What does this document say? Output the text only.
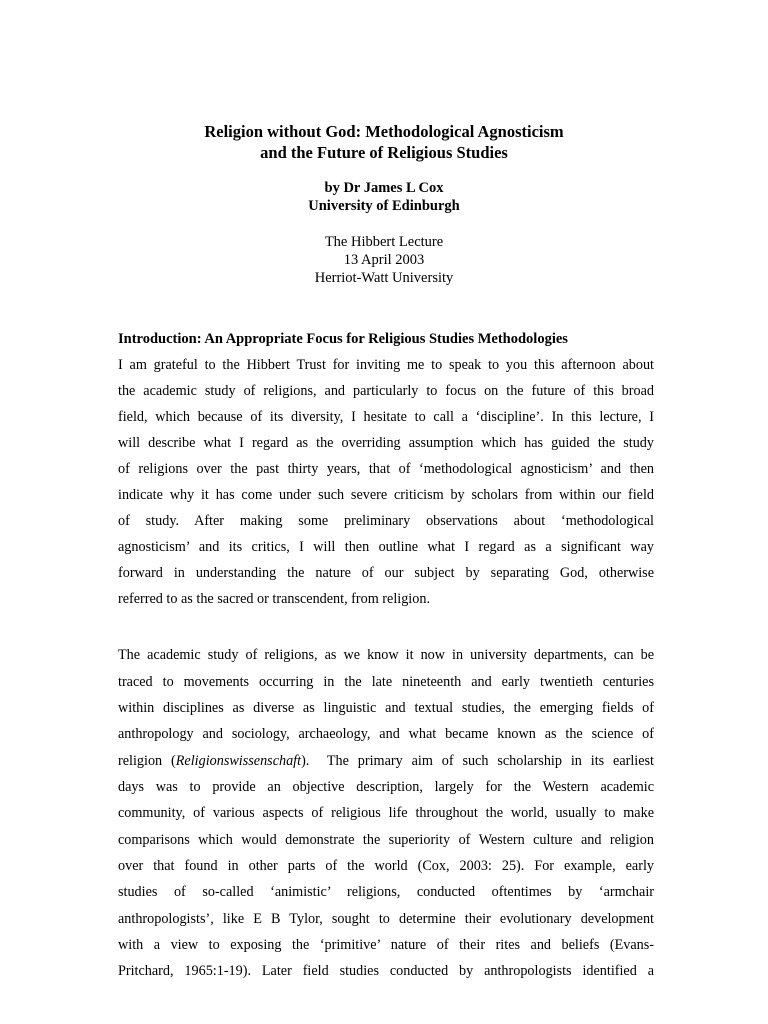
Religion without God: Methodological Agnosticism
and the Future of Religious Studies

by Dr James L Cox

University of Edinburgh

The Hibbert Lecture

13 April 2003

Herriot-Watt University

Introduction: An Appropriate Focus for Religious Studies Methodologies

I am grateful to the Hibbert Trust for inviting me to speak to you this afternoon about

the academic study of religions, and particularly to focus on the future of this broad

field, which because of its diversity, I hesitate to call a ‘discipline’. In this lecture, I

will describe what I regard as the overriding assumption which has guided the study

of religions over the past thirty years, that of ‘methodological agnosticism’ and then

indicate why it has come under such severe criticism by scholars from within our field

of study. After making some preliminary observations about ‘methodological

agnosticism’ and its critics, I will then outline what I regard as a significant way

forward in understanding the nature of our subject by separating God, otherwise

referred to as the sacred or transcendent, from religion.

The academic study of religions, as we know it now in university departments, can be

traced to movements occurring in the late nineteenth and early twentieth centuries

within disciplines as diverse as linguistic and textual studies, the emerging fields of

anthropology and sociology, archaeology, and what became known as the science of

religion (Religionswissenschaft).  The primary aim of such scholarship in its earliest

days was to provide an objective description, largely for the Western academic

community, of various aspects of religious life throughout the world, usually to make

comparisons which would demonstrate the superiority of Western culture and religion

over that found in other parts of the world (Cox, 2003: 25). For example, early

studies of so-called ‘animistic’ religions, conducted oftentimes by ‘armchair

anthropologists’, like E B Tylor, sought to determine their evolutionary development

with a view to exposing the ‘primitive’ nature of their rites and beliefs (Evans-

Pritchard, 1965:1-19). Later field studies conducted by anthropologists identified a
